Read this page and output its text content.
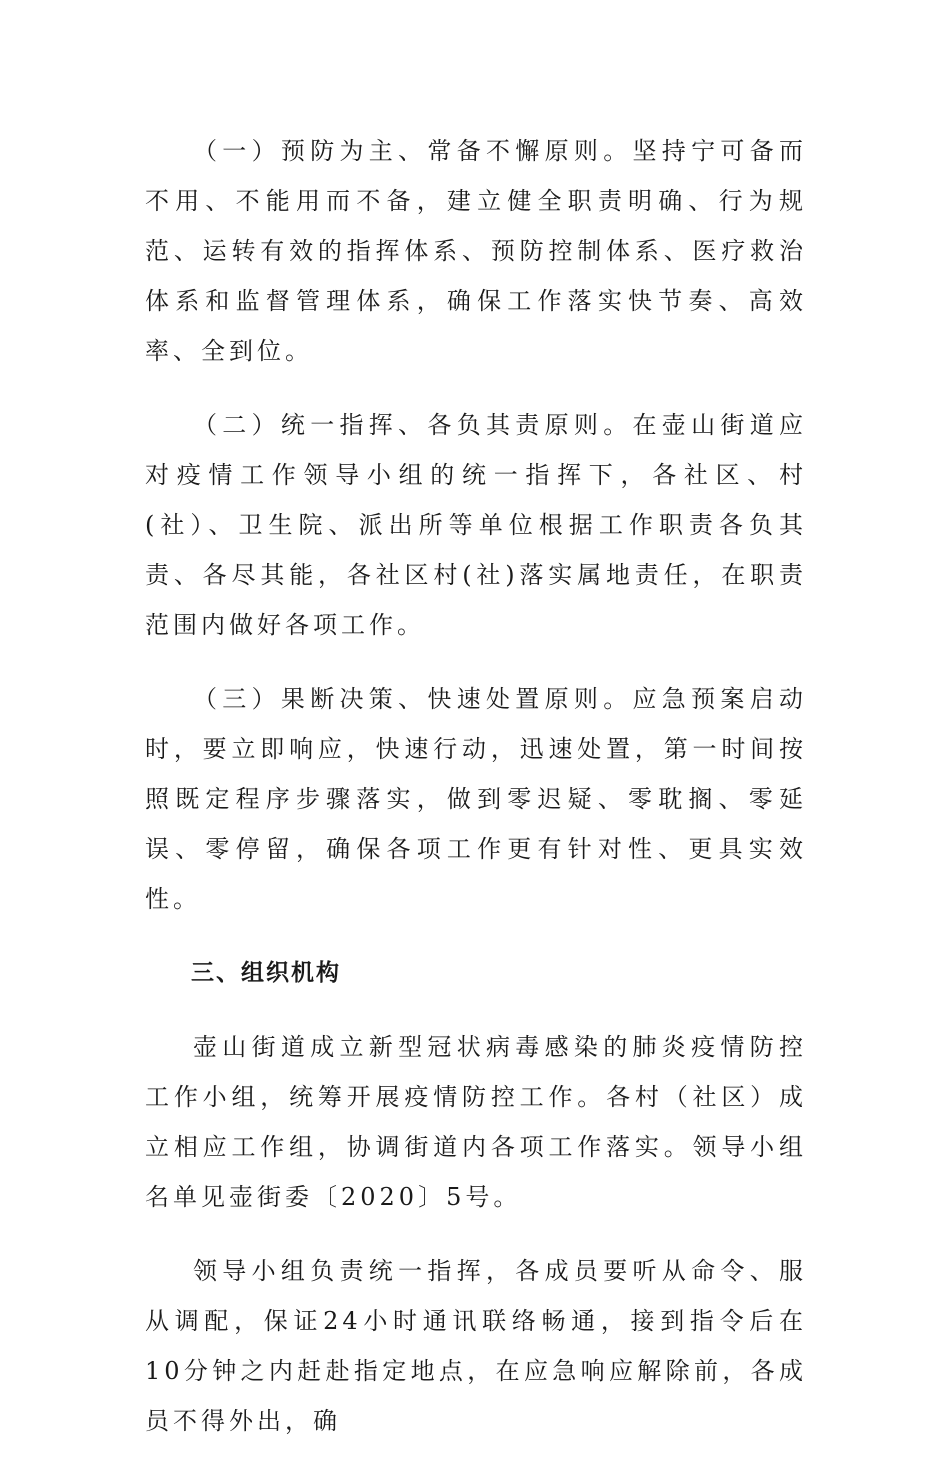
（一）预防为主、常备不懈原则。坚持宁可备而不用、不能用而不备，建立健全职责明确、行为规范、运转有效的指挥体系、预防控制体系、医疗救治体系和监督管理体系，确保工作落实快节奏、高效率、全到位。

（二）统一指挥、各负其责原则。在壶山街道应对疫情工作领导小组的统一指挥下，各社区、村(社）、卫生院、派出所等单位根据工作职责各负其责、各尽其能，各社区村(社)落实属地责任，在职责范围内做好各项工作。

（三）果断决策、快速处置原则。应急预案启动时，要立即响应，快速行动，迅速处置，第一时间按照既定程序步骤落实，做到零迟疑、零耽搁、零延误、零停留，确保各项工作更有针对性、更具实效性。

三、组织机构

壶山街道成立新型冠状病毒感染的肺炎疫情防控工作小组，统筹开展疫情防控工作。各村（社区）成立相应工作组，协调街道内各项工作落实。领导小组名单见壶街委〔2020〕5号。

领导小组负责统一指挥，各成员要听从命令、服从调配，保证24小时通讯联络畅通，接到指令后在10分钟之内赶赴指定地点，在应急响应解除前，各成员不得外出，确
